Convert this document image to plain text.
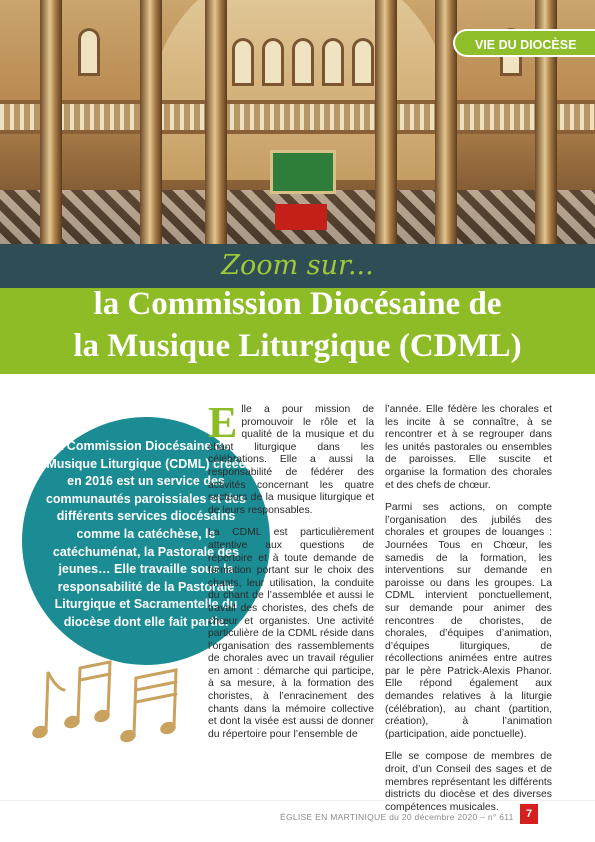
VIE DU DIOCÈSE
Zoom sur...
la Commission Diocésaine de
la Musique Liturgique (CDML)
La Commission Diocésaine de la Musique Liturgique (CDML) créée en 2016 est un service des communautés paroissiales et des différents services diocésains comme la catéchèse, le catéchuménat, la Pastorale des jeunes… Elle travaille sous la responsabilité de la Pastorale Liturgique et Sacramentelle du diocèse dont elle fait partie.

Elle a pour mission de promouvoir le rôle et la qualité de la musique et du chant liturgique dans les célébrations. Elle a aussi la responsabilité de fédérer des activités concernant les quatre secteurs de la musique liturgique et de leurs responsables.

La CDML est particulièrement attentive aux questions de répertoire et à toute demande de formation portant sur le choix des chants, leur utilisation, la conduite du chant de l’assemblée et aussi le travail des choristes, des chefs de chœur et organistes. Une activité particulière de la CDML réside dans l’organisation des rassemblements de chorales avec un travail régulier en amont : démarche qui participe, à sa mesure, à la formation des choristes, à l’enracinement des chants dans la mémoire collective et dont la visée est aussi de donner du répertoire pour l’ensemble de

l’année. Elle fédère les chorales et les incite à se connaître, à se rencontrer et à se regrouper dans les unités pastorales ou ensembles de paroisses. Elle suscite et organise la formation des chorales et des chefs de chœur.

Parmi ses actions, on compte l’organisation des jubilés des chorales et groupes de louanges : Journées Tous en Chœur, les samedis de la formation, les interventions sur demande en paroisse ou dans les groupes. La CDML intervient ponctuellement, sur demande pour animer des rencontres de choristes, de chorales, d’équipes d’animation, d’équipes liturgiques, de récollections animées entre autres par le père Patrick-Alexis Phanor. Elle répond également aux demandes relatives à la liturgie (célébration), au chant (partition, création), à l’animation (participation, aide ponctuelle).

Elle se compose de membres de droit, d’un Conseil des sages et de membres représentant les différents districts du diocèse et des diverses compétences musicales.

ÉGLISE EN MARTINIQUE du 20 décembre 2020 – n° 611	7
